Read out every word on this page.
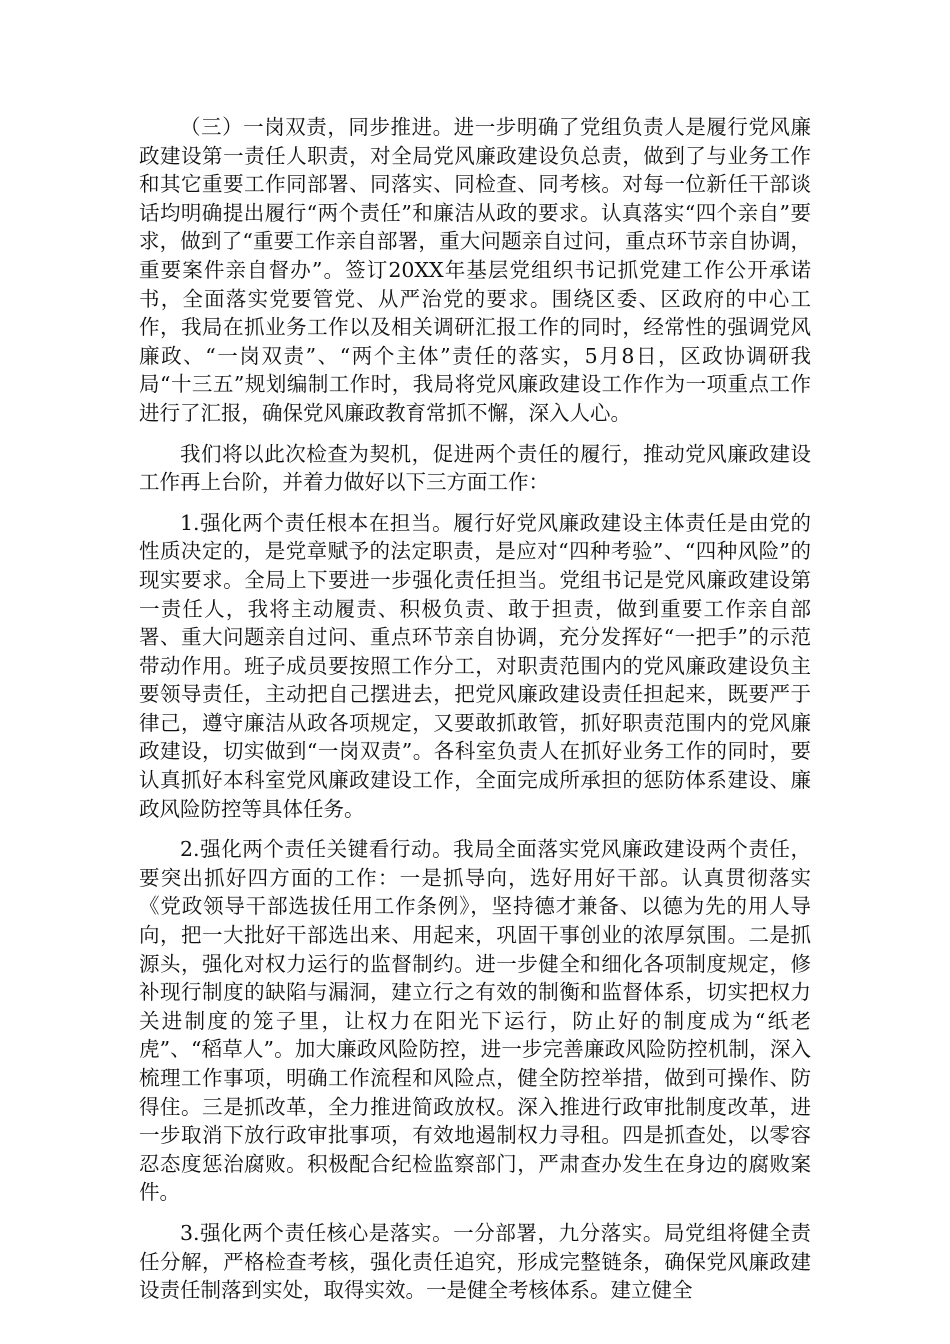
（三）一岗双责，同步推进。进一步明确了党组负责人是履行党风廉政建设第一责任人职责，对全局党风廉政建设负总责，做到了与业务工作和其它重要工作同部署、同落实、同检查、同考核。对每一位新任干部谈话均明确提出履行“两个责任”和廉洁从政的要求。认真落实“四个亲自”要求，做到了“重要工作亲自部署，重大问题亲自过问，重点环节亲自协调，重要案件亲自督办”。签订20XX年基层党组织书记抓党建工作公开承诺书，全面落实党要管党、从严治党的要求。围绕区委、区政府的中心工作，我局在抓业务工作以及相关调研汇报工作的同时，经常性的强调党风廉政、“一岗双责”、“两个主体”责任的落实，5月8日，区政协调研我局“十三五”规划编制工作时，我局将党风廉政建设工作作为一项重点工作进行了汇报，确保党风廉政教育常抓不懈，深入人心。

我们将以此次检查为契机，促进两个责任的履行，推动党风廉政建设工作再上台阶，并着力做好以下三方面工作：

1.强化两个责任根本在担当。履行好党风廉政建设主体责任是由党的性质决定的，是党章赋予的法定职责，是应对“四种考验”、“四种风险”的现实要求。全局上下要进一步强化责任担当。党组书记是党风廉政建设第一责任人，我将主动履责、积极负责、敢于担责，做到重要工作亲自部署、重大问题亲自过问、重点环节亲自协调，充分发挥好“一把手”的示范带动作用。班子成员要按照工作分工，对职责范围内的党风廉政建设负主要领导责任，主动把自己摆进去，把党风廉政建设责任担起来，既要严于律己，遵守廉洁从政各项规定，又要敢抓敢管，抓好职责范围内的党风廉政建设，切实做到“一岗双责”。各科室负责人在抓好业务工作的同时，要认真抓好本科室党风廉政建设工作，全面完成所承担的惩防体系建设、廉政风险防控等具体任务。

2.强化两个责任关键看行动。我局全面落实党风廉政建设两个责任，要突出抓好四方面的工作：一是抓导向，选好用好干部。认真贯彻落实《党政领导干部选拔任用工作条例》，坚持德才兼备、以德为先的用人导向，把一大批好干部选出来、用起来，巩固干事创业的浓厚氛围。二是抓源头，强化对权力运行的监督制约。进一步健全和细化各项制度规定，修补现行制度的缺陷与漏洞，建立行之有效的制衡和监督体系，切实把权力关进制度的笼子里，让权力在阳光下运行，防止好的制度成为“纸老虎”、“稻草人”。加大廉政风险防控，进一步完善廉政风险防控机制，深入梳理工作事项，明确工作流程和风险点，健全防控举措，做到可操作、防得住。三是抓改革，全力推进简政放权。深入推进行政审批制度改革，进一步取消下放行政审批事项，有效地遏制权力寻租。四是抓查处，以零容忍态度惩治腐败。积极配合纪检监察部门，严肃查办发生在身边的腐败案件。

3.强化两个责任核心是落实。一分部署，九分落实。局党组将健全责任分解，严格检查考核，强化责任追究，形成完整链条，确保党风廉政建设责任制落到实处，取得实效。一是健全考核体系。建立健全
